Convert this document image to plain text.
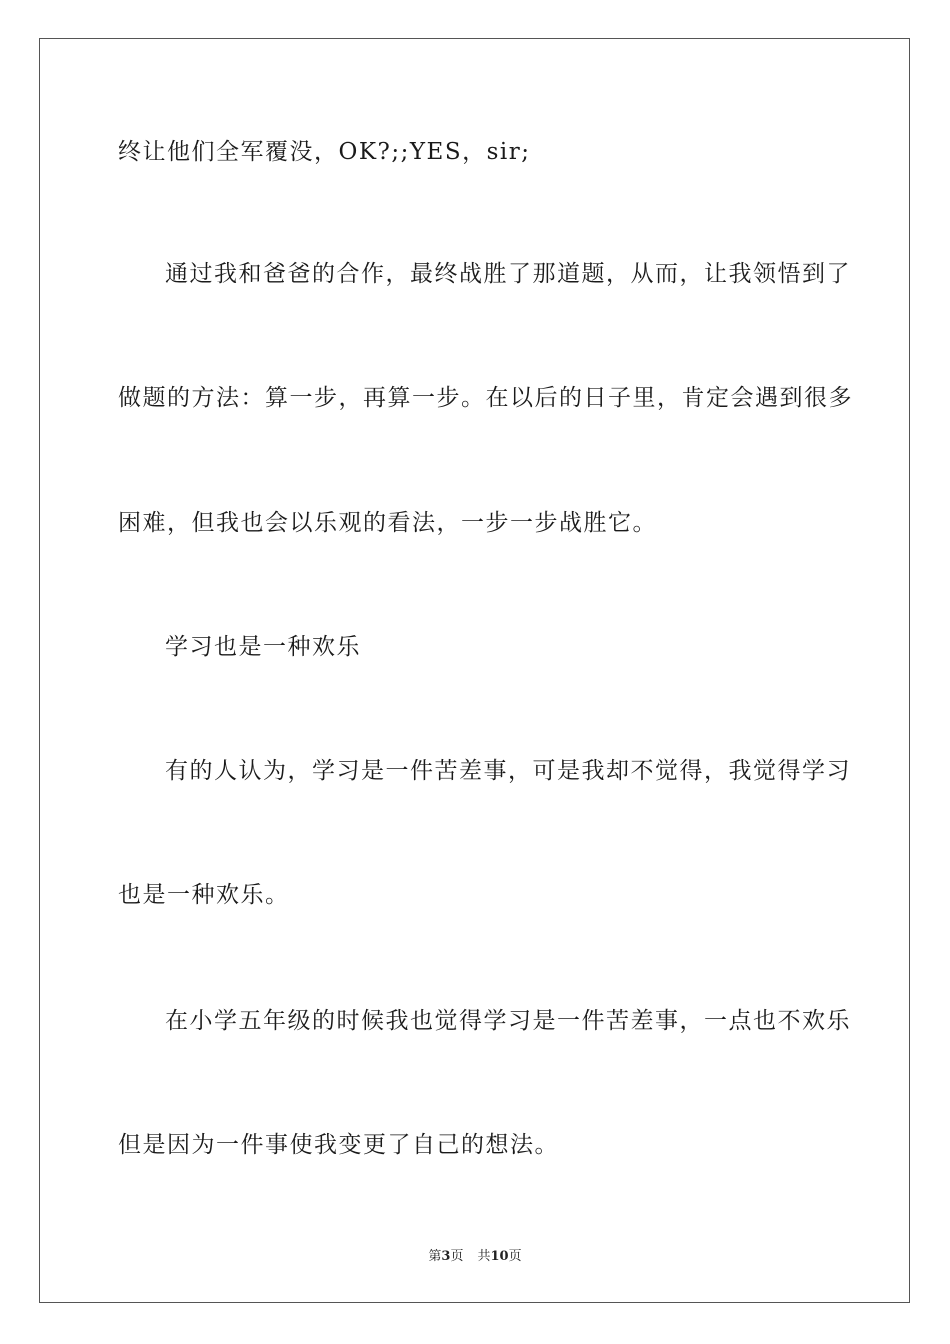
终让他们全军覆没，OK?;;YES，sir;
通过我和爸爸的合作，最终战胜了那道题，从而，让我领悟到了
做题的方法：算一步，再算一步。在以后的日子里，肯定会遇到很多
困难，但我也会以乐观的看法，一步一步战胜它。
学习也是一种欢乐
有的人认为，学习是一件苦差事，可是我却不觉得，我觉得学习
也是一种欢乐。
在小学五年级的时候我也觉得学习是一件苦差事，一点也不欢乐
但是因为一件事使我变更了自己的想法。
第3页 共10页
